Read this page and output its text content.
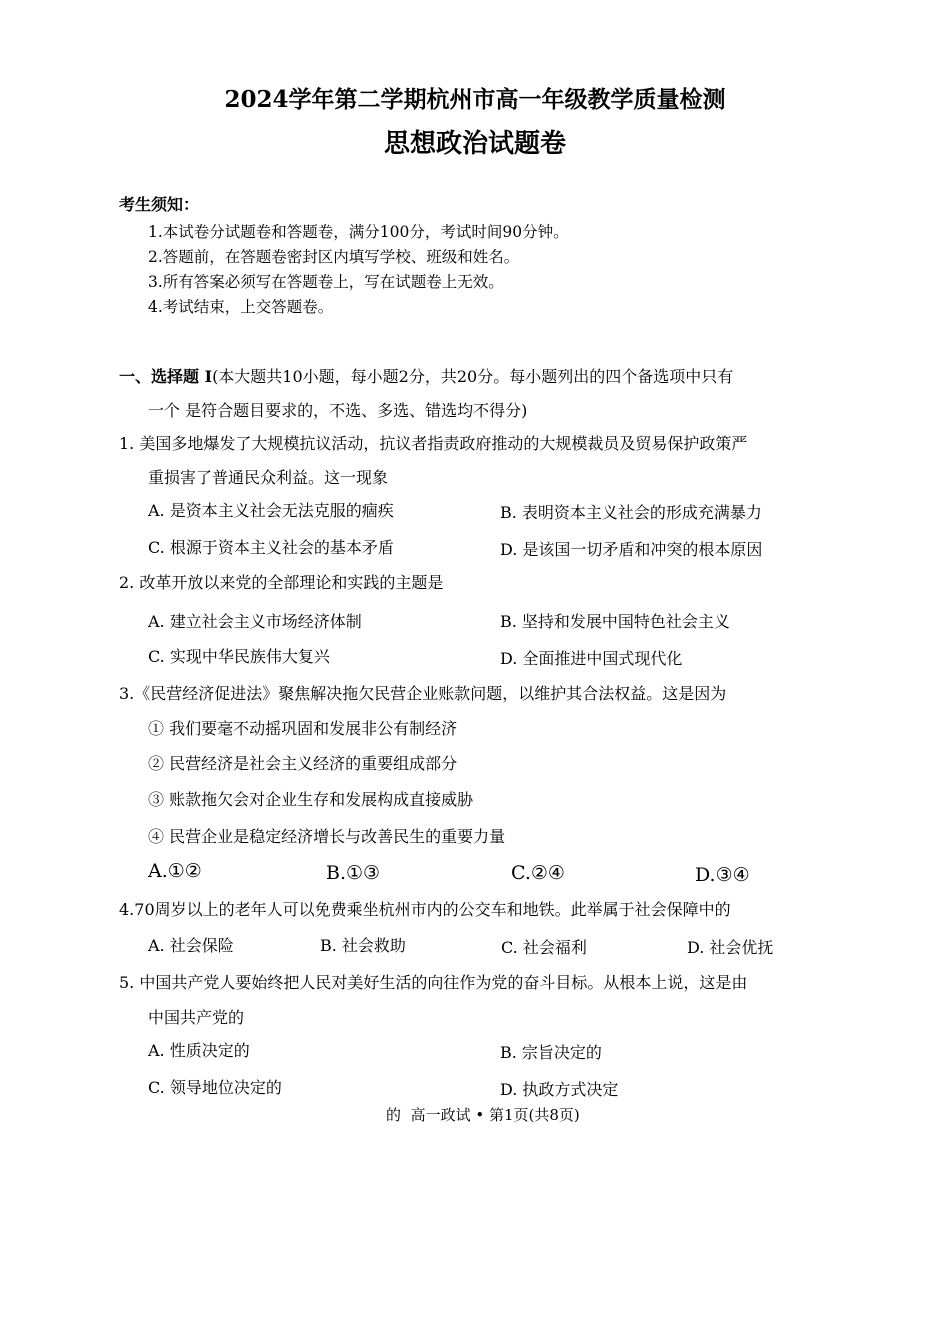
2024学年第二学期杭州市高一年级教学质量检测
思想政治试题卷
考生须知：
1.本试卷分试题卷和答题卷，满分100分，考试时间90分钟。
2.答题前，在答题卷密封区内填写学校、班级和姓名。
3.所有答案必须写在答题卷上，写在试题卷上无效。
4.考试结束，上交答题卷。
一、选择题 Ⅰ(本大题共10小题，每小题2分，共20分。每小题列出的四个备选项中只有
一个 是符合题目要求的，不选、多选、错选均不得分)
1. 美国多地爆发了大规模抗议活动，抗议者指责政府推动的大规模裁员及贸易保护政策严
重损害了普通民众利益。这一现象
A. 是资本主义社会无法克服的痼疾	B. 表明资本主义社会的形成充满暴力
C. 根源于资本主义社会的基本矛盾	D. 是该国一切矛盾和冲突的根本原因
2. 改革开放以来党的全部理论和实践的主题是
A. 建立社会主义市场经济体制	B. 坚持和发展中国特色社会主义
C. 实现中华民族伟大复兴	D. 全面推进中国式现代化
3.《民营经济促进法》聚焦解决拖欠民营企业账款问题，以维护其合法权益。这是因为
① 我们要毫不动摇巩固和发展非公有制经济
② 民营经济是社会主义经济的重要组成部分
③ 账款拖欠会对企业生存和发展构成直接威胁
④ 民营企业是稳定经济增长与改善民生的重要力量
A.①②	B.①③	C.②④	D.③④
4.70周岁以上的老年人可以免费乘坐杭州市内的公交车和地铁。此举属于社会保障中的
A. 社会保险	B. 社会救助	C. 社会福利	D. 社会优抚
5. 中国共产党人要始终把人民对美好生活的向往作为党的奋斗目标。从根本上说，这是由
中国共产党的
A. 性质决定的	B. 宗旨决定的
C. 领导地位决定的	D. 执政方式决定
的 高一政试 • 第1页(共8页)
